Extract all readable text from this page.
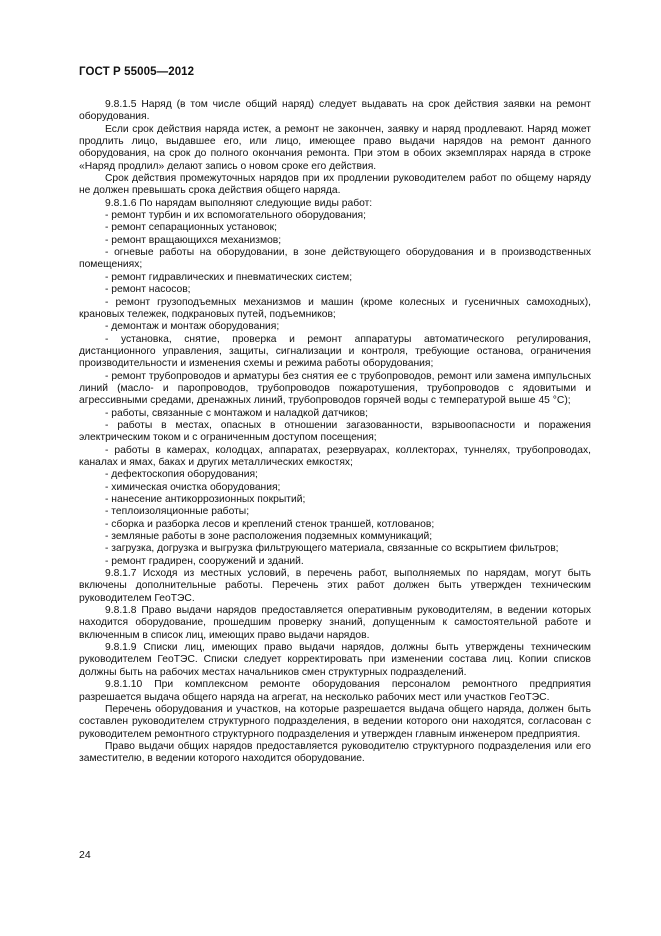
ГОСТ Р 55005—2012

9.8.1.5 Наряд (в том числе общий наряд) следует выдавать на срок действия заявки на ремонт оборудования.

Если срок действия наряда истек, а ремонт не закончен, заявку и наряд продлевают. Наряд может продлить лицо, выдавшее его, или лицо, имеющее право выдачи нарядов на ремонт данного оборудования, на срок до полного окончания ремонта. При этом в обоих экземплярах наряда в строке «Наряд продлил» делают запись о новом сроке его действия.

Срок действия промежуточных нарядов при их продлении руководителем работ по общему наряду не должен превышать срока действия общего наряда.

9.8.1.6 По нарядам выполняют следующие виды работ:

- ремонт турбин и их вспомогательного оборудования;

- ремонт сепарационных установок;

- ремонт вращающихся механизмов;

- огневые работы на оборудовании, в зоне действующего оборудования и в производственных помещениях;

- ремонт гидравлических и пневматических систем;

- ремонт насосов;

- ремонт грузоподъемных механизмов и машин (кроме колесных и гусеничных самоходных), крановых тележек, подкрановых путей, подъемников;

- демонтаж и монтаж оборудования;

- установка, снятие, проверка и ремонт аппаратуры автоматического регулирования, дистанционного управления, защиты, сигнализации и контроля, требующие останова, ограничения производительности и изменения схемы и режима работы оборудования;

- ремонт трубопроводов и арматуры без снятия ее с трубопроводов, ремонт или замена импульсных линий (масло- и паропроводов, трубопроводов пожаротушения, трубопроводов с ядовитыми и агрессивными средами, дренажных линий, трубопроводов горячей воды с температурой выше 45 °C);

- работы, связанные с монтажом и наладкой датчиков;

- работы в местах, опасных в отношении загазованности, взрывоопасности и поражения электрическим током и с ограниченным доступом посещения;

- работы в камерах, колодцах, аппаратах, резервуарах, коллекторах, туннелях, трубопроводах, каналах и ямах, баках и других металлических емкостях;

- дефектоскопия оборудования;

- химическая очистка оборудования;

- нанесение антикоррозионных покрытий;

- теплоизоляционные работы;

- сборка и разборка лесов и креплений стенок траншей, котлованов;

- земляные работы в зоне расположения подземных коммуникаций;

- загрузка, догрузка и выгрузка фильтрующего материала, связанные со вскрытием фильтров;

- ремонт градирен, сооружений и зданий.

9.8.1.7 Исходя из местных условий, в перечень работ, выполняемых по нарядам, могут быть включены дополнительные работы. Перечень этих работ должен быть утвержден техническим руководителем ГеоТЭС.

9.8.1.8 Право выдачи нарядов предоставляется оперативным руководителям, в ведении которых находится оборудование, прошедшим проверку знаний, допущенным к самостоятельной работе и включенным в список лиц, имеющих право выдачи нарядов.

9.8.1.9 Списки лиц, имеющих право выдачи нарядов, должны быть утверждены техническим руководителем ГеоТЭС. Списки следует корректировать при изменении состава лиц. Копии списков должны быть на рабочих местах начальников смен структурных подразделений.

9.8.1.10 При комплексном ремонте оборудования персоналом ремонтного предприятия разрешается выдача общего наряда на агрегат, на несколько рабочих мест или участков ГеоТЭС.

Перечень оборудования и участков, на которые разрешается выдача общего наряда, должен быть составлен руководителем структурного подразделения, в ведении которого они находятся, согласован с руководителем ремонтного структурного подразделения и утвержден главным инженером предприятия.

Право выдачи общих нарядов предоставляется руководителю структурного подразделения или его заместителю, в ведении которого находится оборудование.

24
